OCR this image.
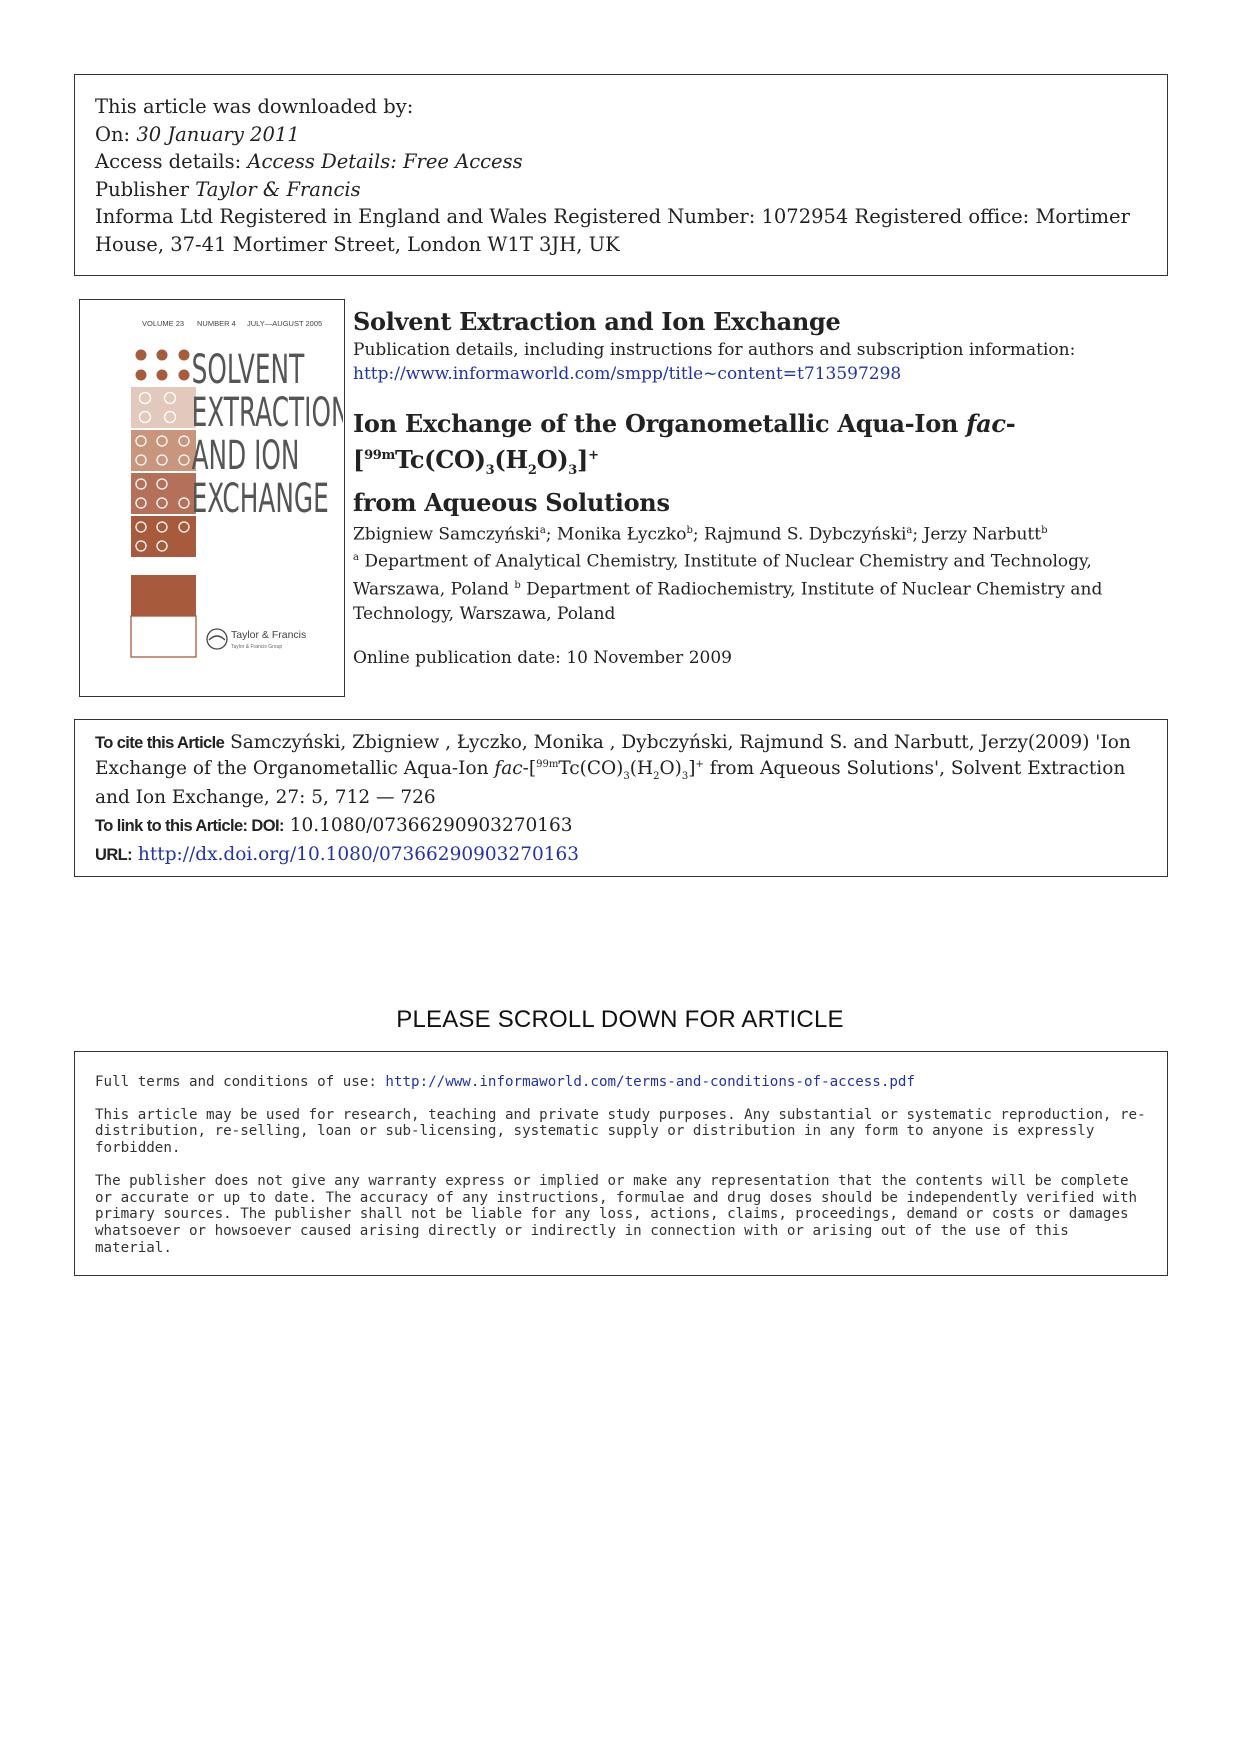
This article was downloaded by:
On: 30 January 2011
Access details: Access Details: Free Access
Publisher Taylor & Francis
Informa Ltd Registered in England and Wales Registered Number: 1072954 Registered office: Mortimer House, 37-41 Mortimer Street, London W1T 3JH, UK
VOLUME 23 NUMBER 4 JULY—AUGUST 2005
SOLVENT
EXTRACTION
AND ION
EXCHANGE
Taylor & Francis
Taylor & Francis Group
Solvent Extraction and Ion Exchange
Publication details, including instructions for authors and subscription information:
http://www.informaworld.com/smpp/title~content=t713597298
Ion Exchange of the Organometallic Aqua-Ion fac-$[^{99m}Tc(CO)_3(H_2O)_3]^+$
from Aqueous Solutions
Zbigniew Samczyński$^a$; Monika Łyczko$^b$; Rajmund S. Dybczyński$^a$; Jerzy Narbutt$^b$
$^a$ Department of Analytical Chemistry, Institute of Nuclear Chemistry and Technology, Warszawa, Poland $^b$ Department of Radiochemistry, Institute of Nuclear Chemistry and Technology, Warszawa, Poland
Online publication date: 10 November 2009
To cite this Article Samczyński, Zbigniew , Łyczko, Monika , Dybczyński, Rajmund S. and Narbutt, Jerzy(2009) 'Ion Exchange of the Organometallic Aqua-Ion fac-$[^{99m}Tc(CO)_3(H_2O)_3]^+$ from Aqueous Solutions', Solvent Extraction and Ion Exchange, 27: 5, 712 — 726
To link to this Article: DOI: 10.1080/07366290903270163
URL: http://dx.doi.org/10.1080/07366290903270163
PLEASE SCROLL DOWN FOR ARTICLE

Full terms and conditions of use: http://www.informaworld.com/terms-and-conditions-of-access.pdf

This article may be used for research, teaching and private study purposes. Any substantial or systematic reproduction, re-distribution, re-selling, loan or sub-licensing, systematic supply or distribution in any form to anyone is expressly forbidden.

The publisher does not give any warranty express or implied or make any representation that the contents will be complete or accurate or up to date. The accuracy of any instructions, formulae and drug doses should be independently verified with primary sources. The publisher shall not be liable for any loss, actions, claims, proceedings, demand or costs or damages whatsoever or howsoever caused arising directly or indirectly in connection with or arising out of the use of this material.
